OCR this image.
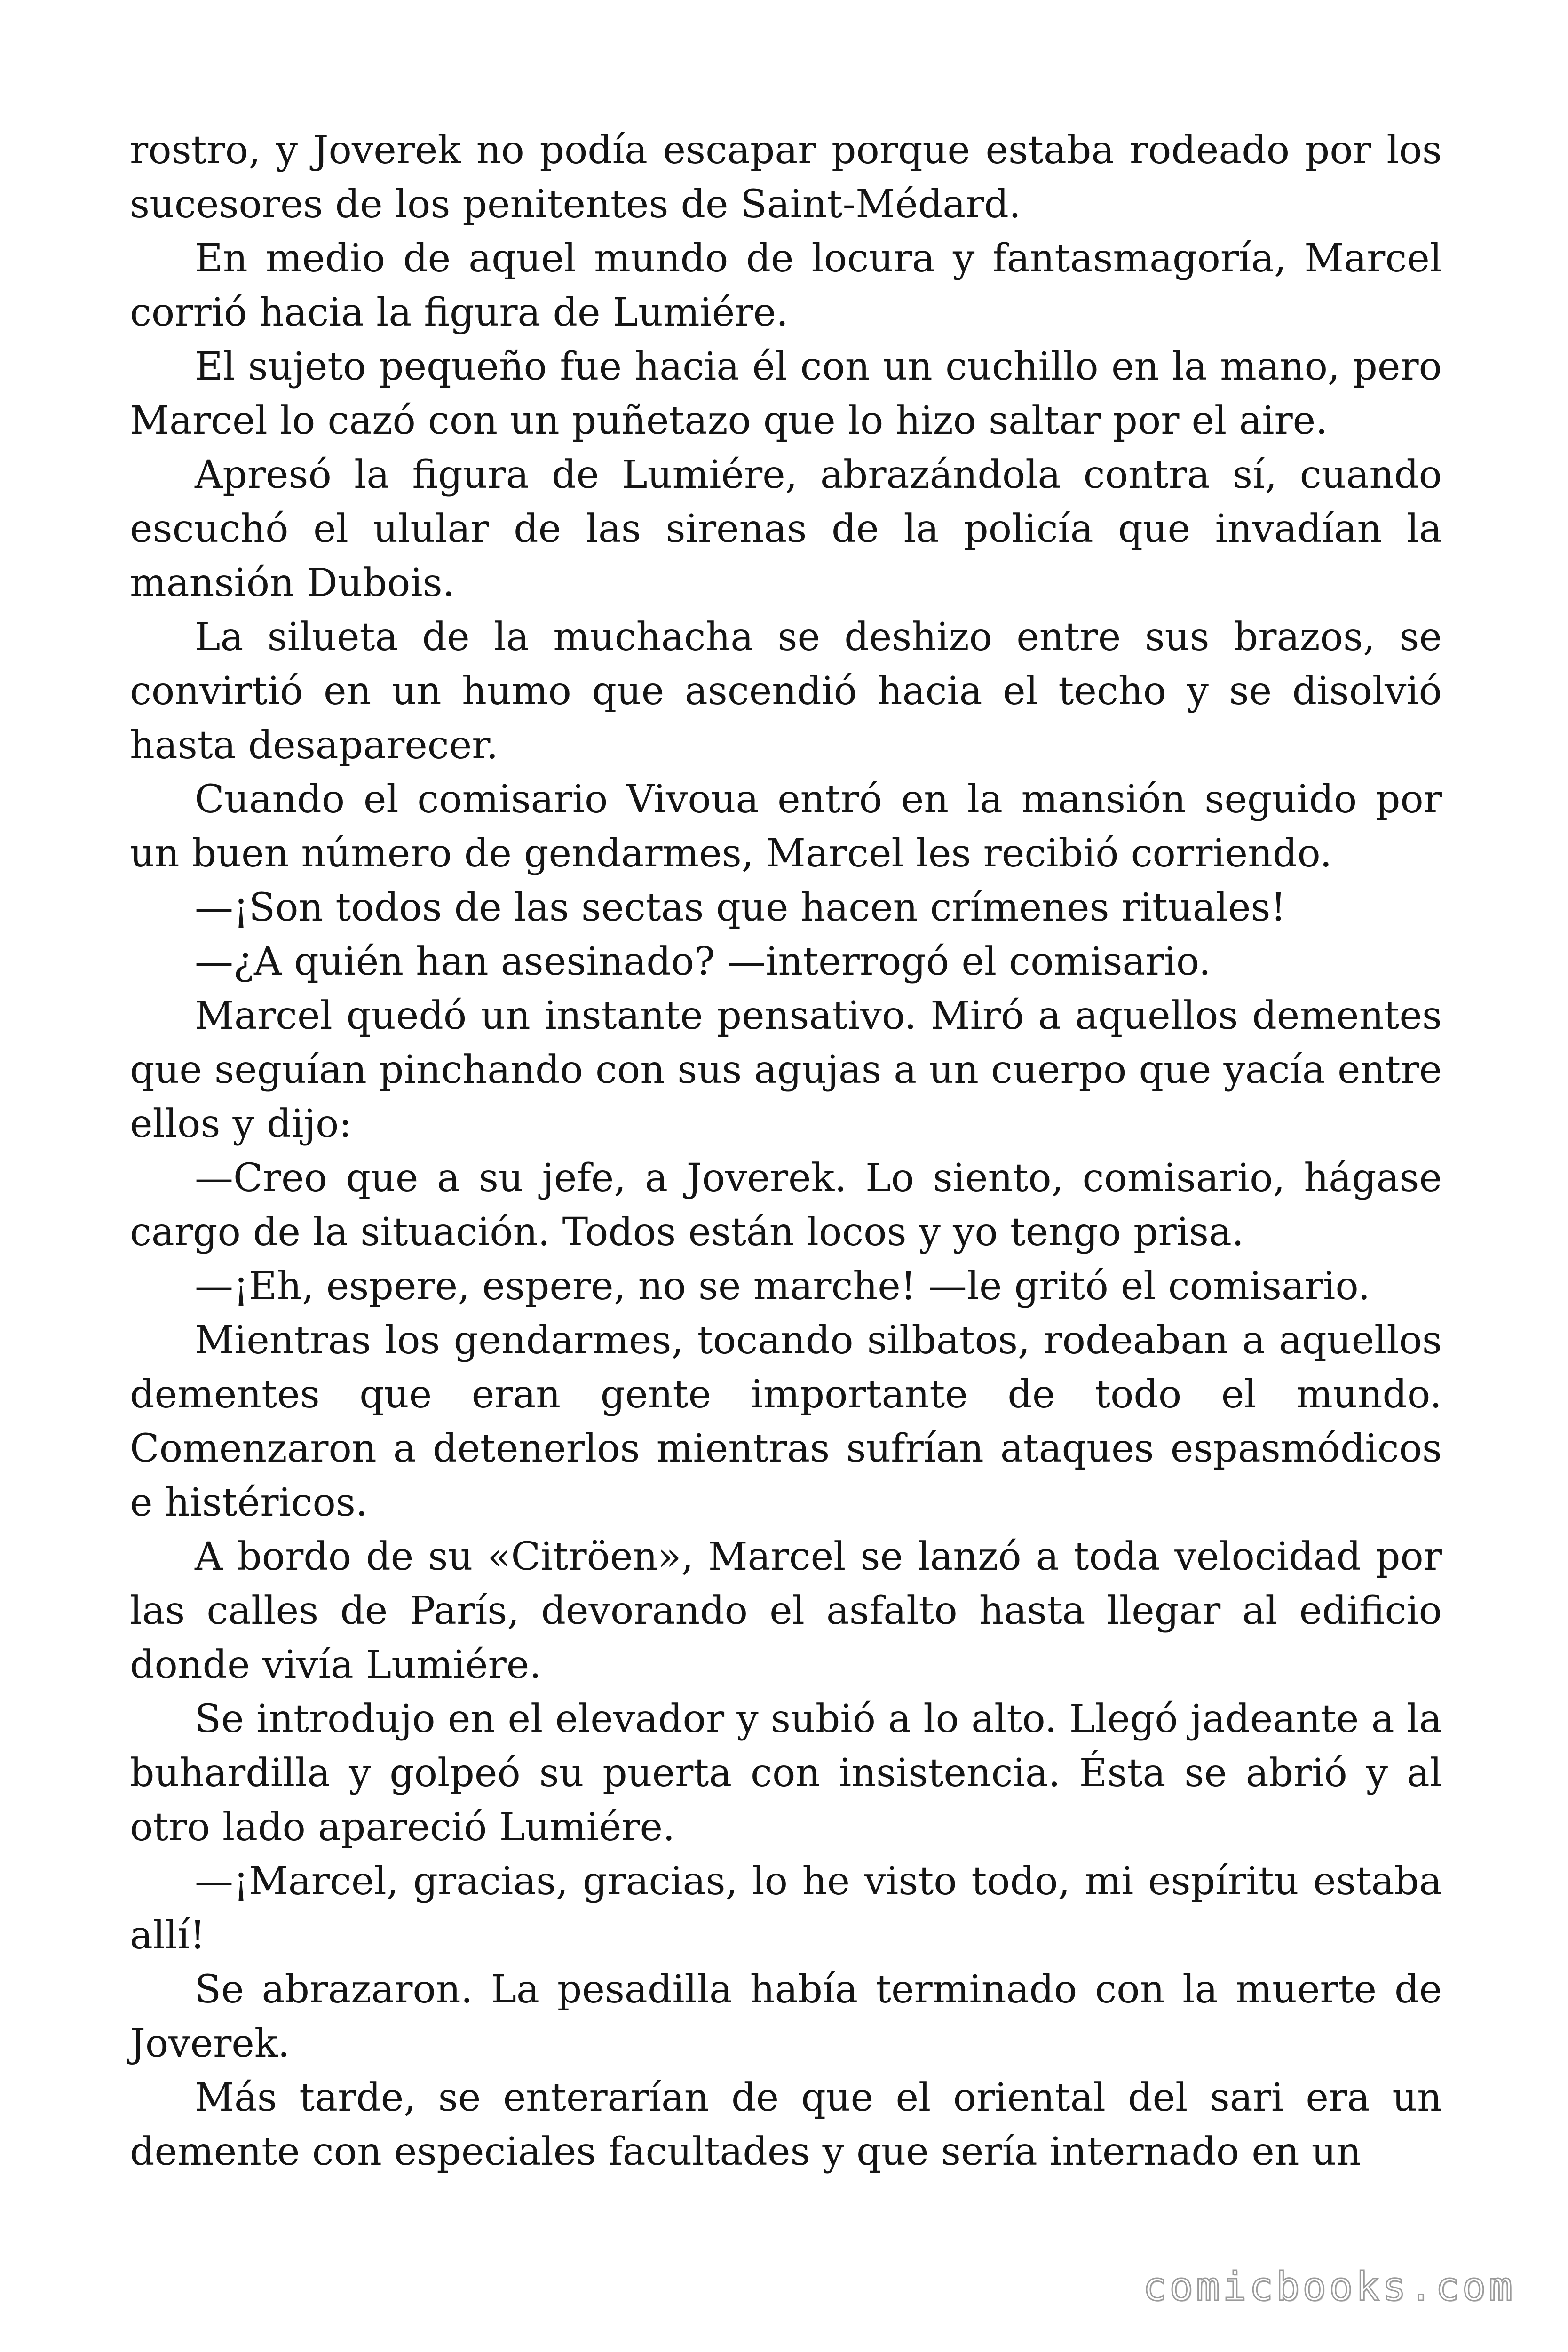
rostro, y Joverek no podía escapar porque estaba rodeado por los sucesores de los penitentes de Saint-Médard.

En medio de aquel mundo de locura y fantasmagoría, Marcel corrió hacia la figura de Lumiére.

El sujeto pequeño fue hacia él con un cuchillo en la mano, pero Marcel lo cazó con un puñetazo que lo hizo saltar por el aire.

Apresó la figura de Lumiére, abrazándola contra sí, cuando escuchó el ulular de las sirenas de la policía que invadían la mansión Dubois.

La silueta de la muchacha se deshizo entre sus brazos, se convirtió en un humo que ascendió hacia el techo y se disolvió hasta desaparecer.

Cuando el comisario Vivoua entró en la mansión seguido por un buen número de gendarmes, Marcel les recibió corriendo.

—¡Son todos de las sectas que hacen crímenes rituales!

—¿A quién han asesinado? —interrogó el comisario.

Marcel quedó un instante pensativo. Miró a aquellos dementes que seguían pinchando con sus agujas a un cuerpo que yacía entre ellos y dijo:

—Creo que a su jefe, a Joverek. Lo siento, comisario, hágase cargo de la situación. Todos están locos y yo tengo prisa.

—¡Eh, espere, espere, no se marche! —le gritó el comisario.

Mientras los gendarmes, tocando silbatos, rodeaban a aquellos dementes que eran gente importante de todo el mundo. Comenzaron a detenerlos mientras sufrían ataques espasmódicos e histéricos.

A bordo de su «Citröen», Marcel se lanzó a toda velocidad por las calles de París, devorando el asfalto hasta llegar al edificio donde vivía Lumiére.

Se introdujo en el elevador y subió a lo alto. Llegó jadeante a la buhardilla y golpeó su puerta con insistencia. Ésta se abrió y al otro lado apareció Lumiére.

—¡Marcel, gracias, gracias, lo he visto todo, mi espíritu estaba allí!

Se abrazaron. La pesadilla había terminado con la muerte de Joverek.

Más tarde, se enterarían de que el oriental del sari era un demente con especiales facultades y que sería internado en un

comicbooks.com
